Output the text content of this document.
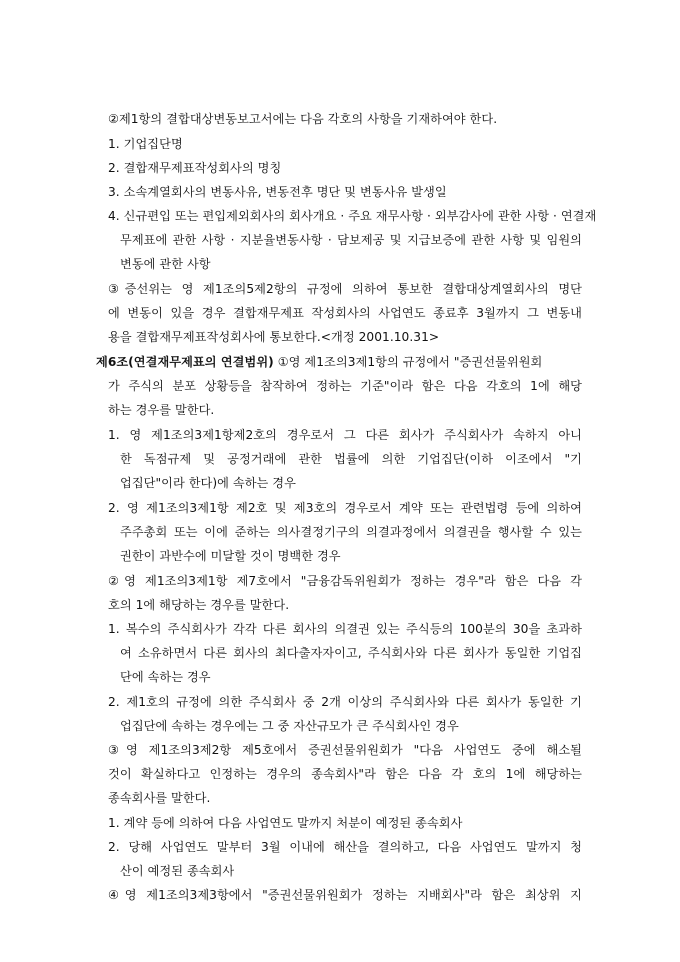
②제1항의 결합대상변동보고서에는 다음 각호의 사항을 기재하여야 한다.
1. 기업집단명
2. 결합재무제표작성회사의 명칭
3. 소속계열회사의 변동사유, 변동전후 명단 및 변동사유 발생일
4. 신규편입 또는 편입제외회사의 회사개요 · 주요 재무사항 · 외부감사에 관한 사항 · 연결재
무제표에 관한 사항 · 지분율변동사항 · 담보제공 및 지급보증에 관한 사항 및 임원의
변동에 관한 사항
③증선위는 영 제1조의5제2항의 규정에 의하여 통보한 결합대상계열회사의 명단
에 변동이 있을 경우 결합재무제표 작성회사의 사업연도 종료후 3월까지 그 변동내
용을 결합재무제표작성회사에 통보한다.<개정 2001.10.31>
제6조(연결재무제표의 연결범위) ①영 제1조의3제1항의 규정에서 "증권선물위원회
가 주식의 분포 상황등을 참작하여 정하는 기준"이라 함은 다음 각호의 1에 해당
하는 경우를 말한다.
1. 영 제1조의3제1항제2호의 경우로서 그 다른 회사가 주식회사가 속하지 아니
한 독점규제 및 공정거래에 관한 법률에 의한 기업집단(이하 이조에서 "기
업집단"이라 한다)에 속하는 경우
2. 영 제1조의3제1항 제2호 및 제3호의 경우로서 계약 또는 관련법령 등에 의하여
주주총회 또는 이에 준하는 의사결정기구의 의결과정에서 의결권을 행사할 수 있는
권한이 과반수에 미달할 것이 명백한 경우
②영 제1조의3제1항 제7호에서 "금융감독위원회가 정하는 경우"라 함은 다음 각
호의 1에 해당하는 경우를 말한다.
1. 복수의 주식회사가 각각 다른 회사의 의결권 있는 주식등의 100분의 30을 초과하
여 소유하면서 다른 회사의 최다출자자이고, 주식회사와 다른 회사가 동일한 기업집
단에 속하는 경우
2. 제1호의 규정에 의한 주식회사 중 2개 이상의 주식회사와 다른 회사가 동일한 기
업집단에 속하는 경우에는 그 중 자산규모가 큰 주식회사인 경우
③영 제1조의3제2항 제5호에서 증권선물위원회가 "다음 사업연도 중에 해소될
것이 확실하다고 인정하는 경우의 종속회사"라 함은 다음 각 호의 1에 해당하는
종속회사를 말한다.
1. 계약 등에 의하여 다음 사업연도 말까지 처분이 예정된 종속회사
2. 당해 사업연도 말부터 3월 이내에 해산을 결의하고, 다음 사업연도 말까지 청
산이 예정된 종속회사
④영 제1조의3제3항에서 "증권선물위원회가 정하는 지배회사"라 함은 최상위 지
